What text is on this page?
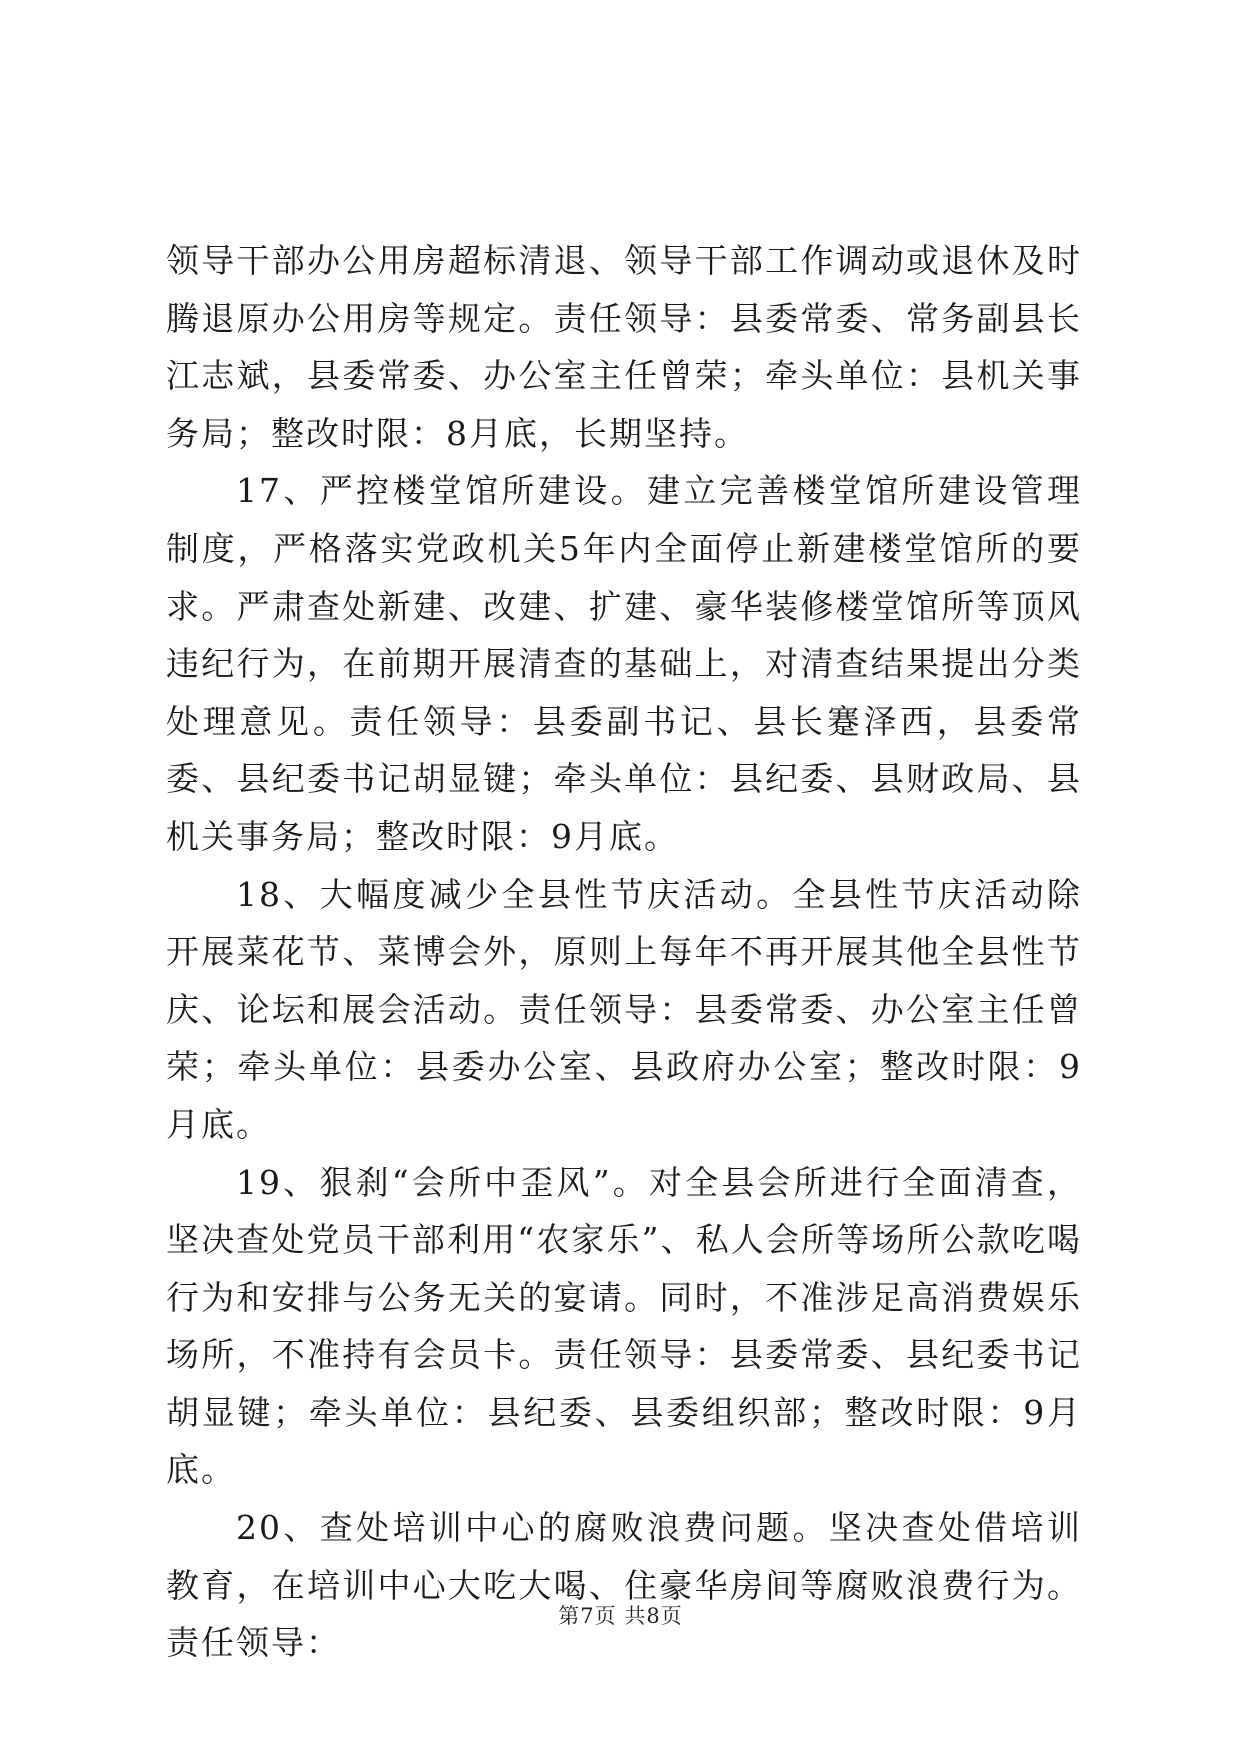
领导干部办公用房超标清退、领导干部工作调动或退休及时腾退原办公用房等规定。责任领导：县委常委、常务副县长江志斌，县委常委、办公室主任曾荣；牵头单位：县机关事务局；整改时限：8月底，长期坚持。

17、严控楼堂馆所建设。建立完善楼堂馆所建设管理制度，严格落实党政机关5年内全面停止新建楼堂馆所的要求。严肃查处新建、改建、扩建、豪华装修楼堂馆所等顶风违纪行为，在前期开展清查的基础上，对清查结果提出分类处理意见。责任领导：县委副书记、县长蹇泽西，县委常委、县纪委书记胡显键；牵头单位：县纪委、县财政局、县机关事务局；整改时限：9月底。

18、大幅度减少全县性节庆活动。全县性节庆活动除开展菜花节、菜博会外，原则上每年不再开展其他全县性节庆、论坛和展会活动。责任领导：县委常委、办公室主任曾荣；牵头单位：县委办公室、县政府办公室；整改时限：9月底。

19、狠刹“会所中歪风”。对全县会所进行全面清查，坚决查处党员干部利用“农家乐”、私人会所等场所公款吃喝行为和安排与公务无关的宴请。同时，不准涉足高消费娱乐场所，不准持有会员卡。责任领导：县委常委、县纪委书记胡显键；牵头单位：县纪委、县委组织部；整改时限：9月底。

20、查处培训中心的腐败浪费问题。坚决查处借培训教育，在培训中心大吃大喝、住豪华房间等腐败浪费行为。责任领导：

第7页 共8页
